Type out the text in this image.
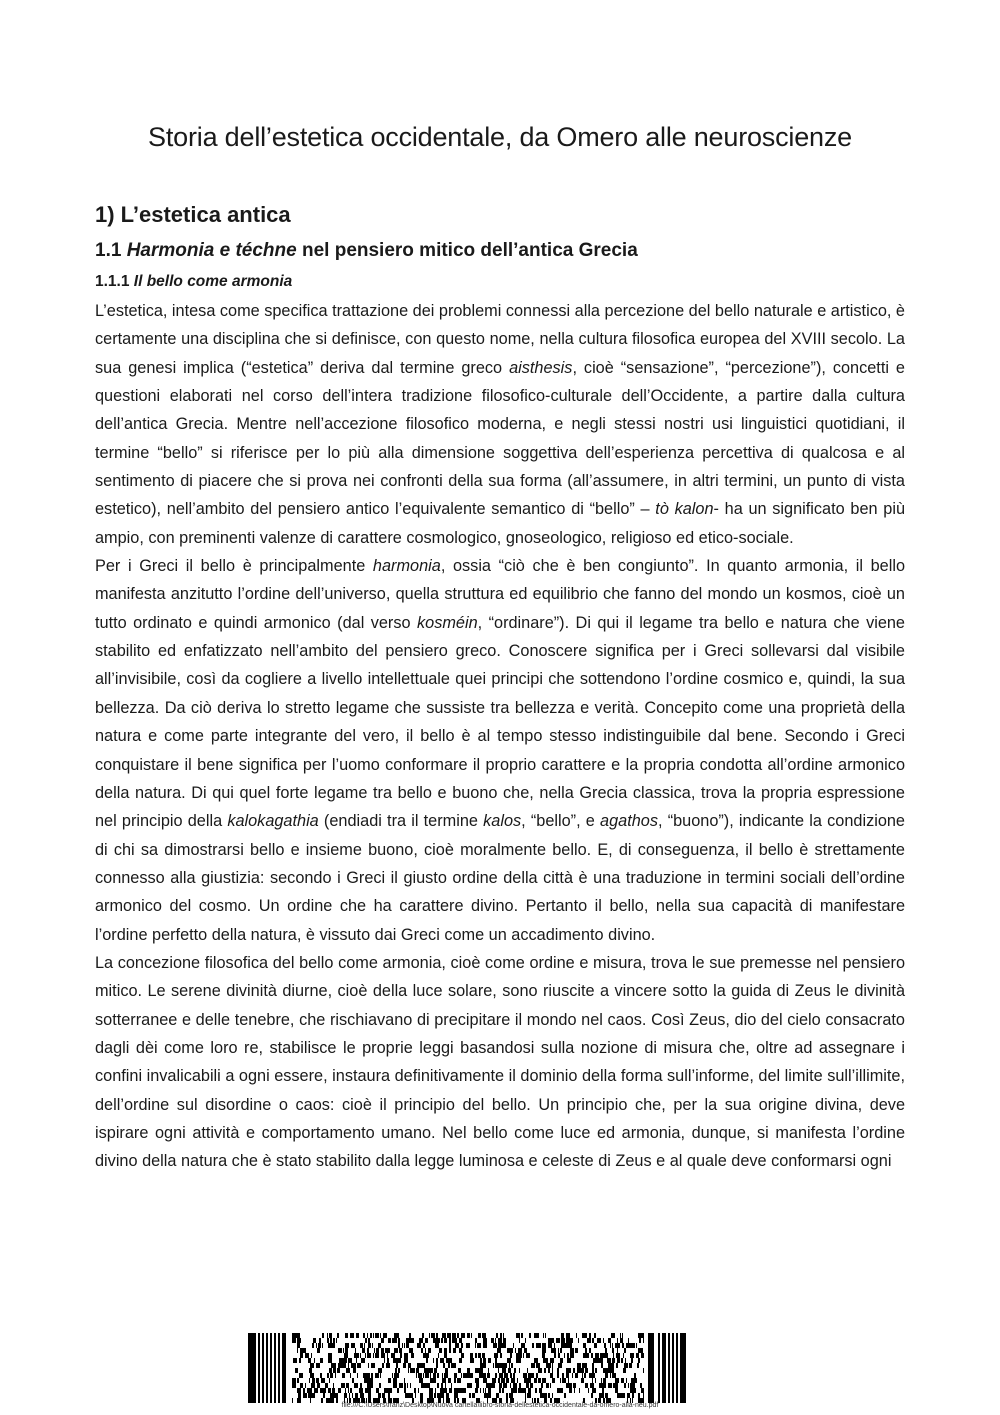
Storia dell’estetica occidentale, da Omero alle neuroscienze
1) L’estetica antica
1.1 Harmonia e téchne nel pensiero mitico dell’antica Grecia
1.1.1 Il bello come armonia

L’estetica, intesa come specifica trattazione dei problemi connessi alla percezione del bello naturale e artistico, è certamente una disciplina che si definisce, con questo nome, nella cultura filosofica europea del XVIII secolo. La sua genesi implica (“estetica” deriva dal termine greco aisthesis, cioè “sensazione”, “percezione”), concetti e questioni elaborati nel corso dell’intera tradizione filosofico-culturale dell’Occidente, a partire dalla cultura dell’antica Grecia. Mentre nell’accezione filosofico moderna, e negli stessi nostri usi linguistici quotidiani, il termine “bello” si riferisce per lo più alla dimensione soggettiva dell’esperienza percettiva di qualcosa e al sentimento di piacere che si prova nei confronti della sua forma (all’assumere, in altri termini, un punto di vista estetico), nell’ambito del pensiero antico l’equivalente semantico di “bello” – tò kalon- ha un significato ben più ampio, con preminenti valenze di carattere cosmologico, gnoseologico, religioso ed etico-sociale.

Per i Greci il bello è principalmente harmonia, ossia “ciò che è ben congiunto”. In quanto armonia, il bello manifesta anzitutto l’ordine dell’universo, quella struttura ed equilibrio che fanno del mondo un kosmos, cioè un tutto ordinato e quindi armonico (dal verso kosméin, “ordinare”). Di qui il legame tra bello e natura che viene stabilito ed enfatizzato nell’ambito del pensiero greco. Conoscere significa per i Greci sollevarsi dal visibile all’invisibile, così da cogliere a livello intellettuale quei principi che sottendono l’ordine cosmico e, quindi, la sua bellezza. Da ciò deriva lo stretto legame che sussiste tra bellezza e verità. Concepito come una proprietà della natura e come parte integrante del vero, il bello è al tempo stesso indistinguibile dal bene. Secondo i Greci conquistare il bene significa per l’uomo conformare il proprio carattere e la propria condotta all’ordine armonico della natura. Di qui quel forte legame tra bello e buono che, nella Grecia classica, trova la propria espressione nel principio della kalokagathia (endiadi tra il termine kalos, “bello”, e agathos, “buono”), indicante la condizione di chi sa dimostrarsi bello e insieme buono, cioè moralmente bello. E, di conseguenza, il bello è strettamente connesso alla giustizia: secondo i Greci il giusto ordine della città è una traduzione in termini sociali dell’ordine armonico del cosmo. Un ordine che ha carattere divino. Pertanto il bello, nella sua capacità di manifestare l’ordine perfetto della natura, è vissuto dai Greci come un accadimento divino.

La concezione filosofica del bello come armonia, cioè come ordine e misura, trova le sue premesse nel pensiero mitico. Le serene divinità diurne, cioè della luce solare, sono riuscite a vincere sotto la guida di Zeus le divinità sotterranee e delle tenebre, che rischiavano di precipitare il mondo nel caos. Così Zeus, dio del cielo consacrato dagli dèi come loro re, stabilisce le proprie leggi basandosi sulla nozione di misura che, oltre ad assegnare i confini invalicabili a ogni essere, instaura definitivamente il dominio della forma sull’informe, del limite sull’illimite, dell’ordine sul disordine o caos: cioè il principio del bello. Un principio che, per la sua origine divina, deve ispirare ogni attività e comportamento umano. Nel bello come luce ed armonia, dunque, si manifesta l’ordine divino della natura che è stato stabilito dalla legge luminosa e celeste di Zeus e al quale deve conformarsi ogni

file:///C:\Users\franz\Desktop\Nuova cartella\libro-storia-dellestetica-occidentale-da-omero-alla-neu.pdf
